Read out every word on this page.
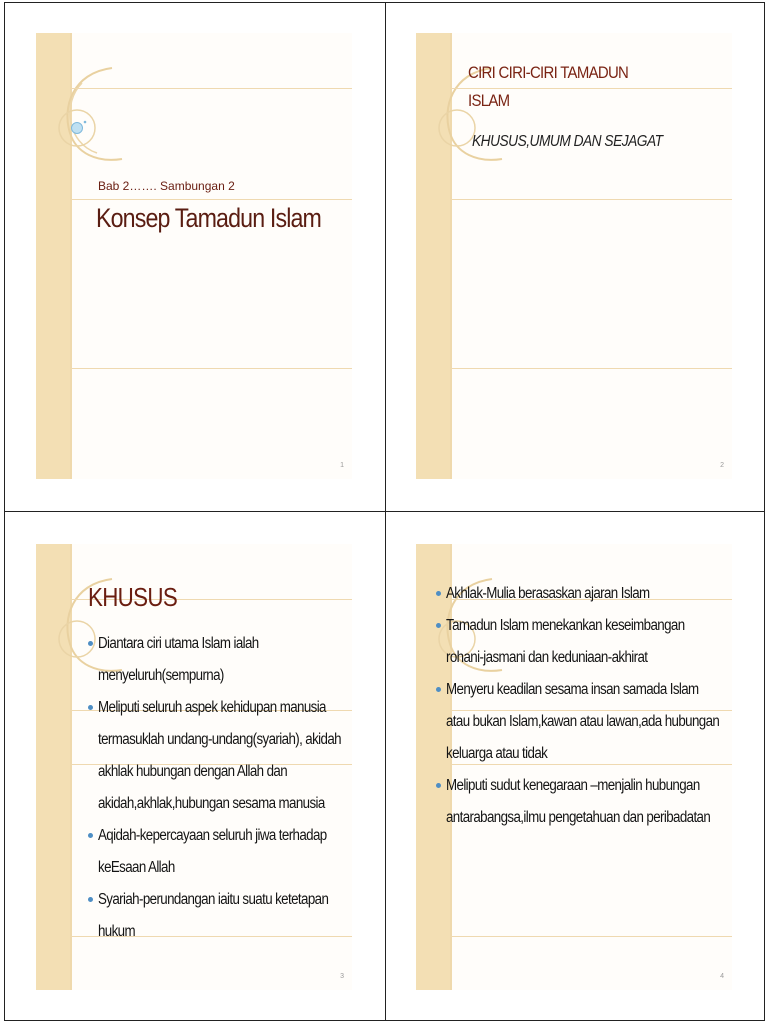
Bab 2……. Sambungan 2
Konsep Tamadun Islam
1
CIRI CIRI-CIRI TAMADUN
ISLAM
KHUSUS,UMUM DAN SEJAGAT
2
KHUSUS
Diantara ciri utama Islam ialah menyeluruh(sempurna)
Meliputi seluruh aspek kehidupan manusia termasuklah undang-undang(syariah), akidah akhlak hubungan dengan Allah dan akidah,akhlak,hubungan sesama manusia
Aqidah-kepercayaan seluruh jiwa terhadap keEsaan Allah
Syariah-perundangan iaitu suatu ketetapan hukum
3
Akhlak-Mulia berasaskan ajaran Islam
Tamadun Islam menekankan keseimbangan rohani-jasmani dan keduniaan-akhirat
Menyeru keadilan sesama insan samada Islam atau bukan Islam,kawan atau lawan,ada hubungan keluarga atau tidak
Meliputi sudut kenegaraan –menjalin hubungan antarabangsa,ilmu pengetahuan dan peribadatan
4
